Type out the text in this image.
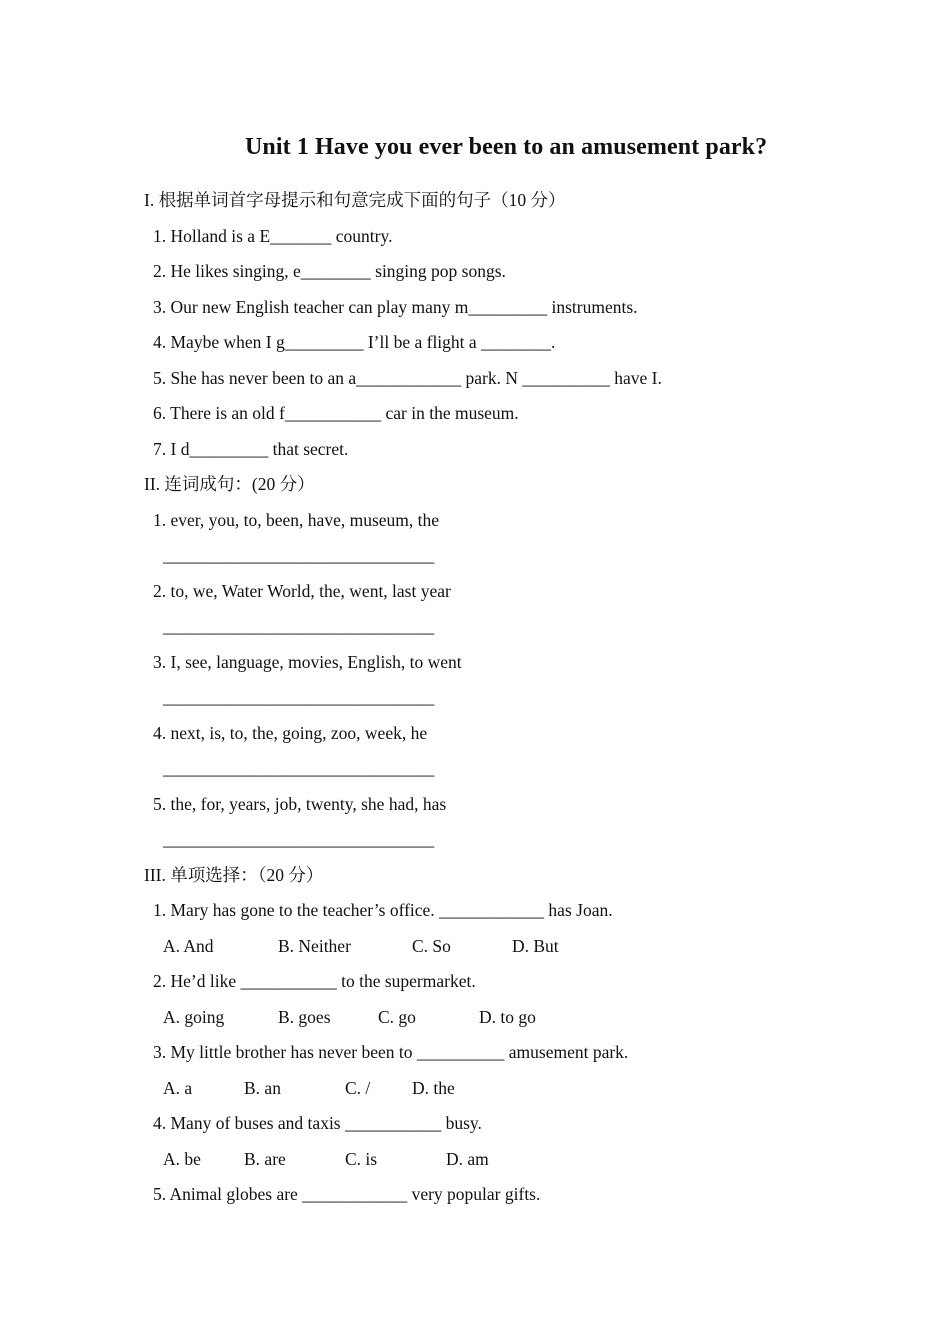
Unit 1 Have you ever been to an amusement park?
I. 根据单词首字母提示和句意完成下面的句子（10 分）
1. Holland is a E_______ country.
2. He likes singing, e________ singing pop songs.
3. Our new English teacher can play many m_________ instruments.
4. Maybe when I g_________ I’ll be a flight a ________.
5. She has never been to an a____________ park. N __________ have I.
6. There is an old f___________ car in the museum.
7. I d_________ that secret.
II. 连词成句：(20 分）
1. ever, you, to, been, have, museum, the
_______________________________
2. to, we, Water World, the, went, last year
_______________________________
3. I, see, language, movies, English, to went
_______________________________
4. next, is, to, the, going, zoo, week, he
_______________________________
5. the, for, years, job, twenty, she had, has
_______________________________
III. 单项选择：（20 分）
1. Mary has gone to the teacher’s office. ____________ has Joan.
A. And	B. Neither	C. So	D. But
2. He’d like ___________ to the supermarket.
A. going	B. goes	C. go	D. to go
3. My little brother has never been to __________ amusement park.
A. a	B. an	C. / D. the
4. Many of buses and taxis ___________ busy.
A. be B. are	C. is	D. am
5. Animal globes are ____________ very popular gifts.
